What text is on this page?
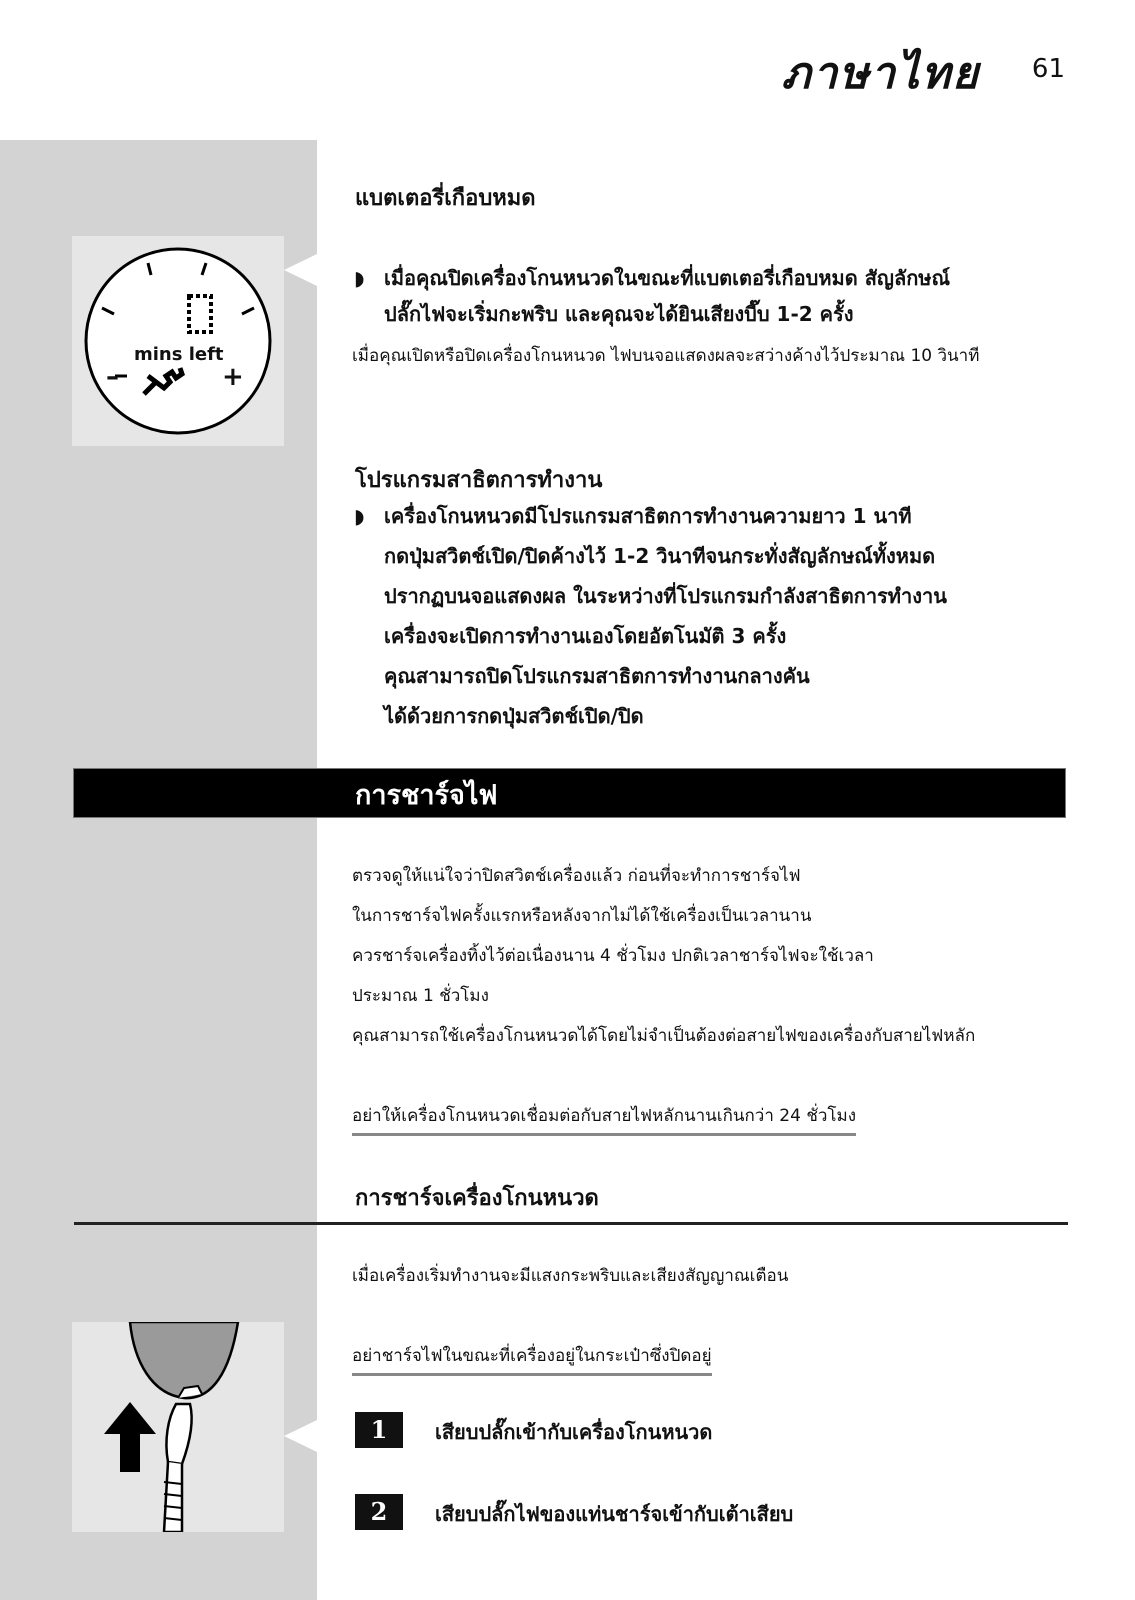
ภาษาไทย 61
mins left
–	+
แบตเตอรี่เกือบหมด
◗ เมื่อคุณปิดเครื่องโกนหนวดในขณะที่แบตเตอรี่เกือบหมด สัญลักษณ์
ปลั๊กไฟจะเริ่มกะพริบ และคุณจะได้ยินเสียงบี๊บ 1-2 ครั้ง
เมื่อคุณเปิดหรือปิดเครื่องโกนหนวด ไฟบนจอแสดงผลจะสว่างค้างไว้ประมาณ 10 วินาที
โปรแกรมสาธิตการทำงาน
◗ เครื่องโกนหนวดมีโปรแกรมสาธิตการทำงานความยาว 1 นาที
กดปุ่มสวิตช์เปิด/ปิดค้างไว้ 1-2 วินาทีจนกระทั่งสัญลักษณ์ทั้งหมด
ปรากฏบนจอแสดงผล ในระหว่างที่โปรแกรมกำลังสาธิตการทำงาน
เครื่องจะเปิดการทำงานเองโดยอัตโนมัติ 3 ครั้ง
คุณสามารถปิดโปรแกรมสาธิตการทำงานกลางคัน
ได้ด้วยการกดปุ่มสวิตช์เปิด/ปิด
การชาร์จไฟ
ตรวจดูให้แน่ใจว่าปิดสวิตช์เครื่องแล้ว ก่อนที่จะทำการชาร์จไฟ
ในการชาร์จไฟครั้งแรกหรือหลังจากไม่ได้ใช้เครื่องเป็นเวลานาน
ควรชาร์จเครื่องทิ้งไว้ต่อเนื่องนาน 4 ชั่วโมง ปกติเวลาชาร์จไฟจะใช้เวลา
ประมาณ 1 ชั่วโมง
คุณสามารถใช้เครื่องโกนหนวดได้โดยไม่จำเป็นต้องต่อสายไฟของเครื่องกับสายไฟหลัก
อย่าให้เครื่องโกนหนวดเชื่อมต่อกับสายไฟหลักนานเกินกว่า 24 ชั่วโมง
การชาร์จเครื่องโกนหนวด
เมื่อเครื่องเริ่มทำงานจะมีแสงกระพริบและเสียงสัญญาณเตือน
อย่าชาร์จไฟในขณะที่เครื่องอยู่ในกระเป๋าซึ่งปิดอยู่
1	เสียบปลั๊กเข้ากับเครื่องโกนหนวด
2	เสียบปลั๊กไฟของแท่นชาร์จเข้ากับเต้าเสียบ
